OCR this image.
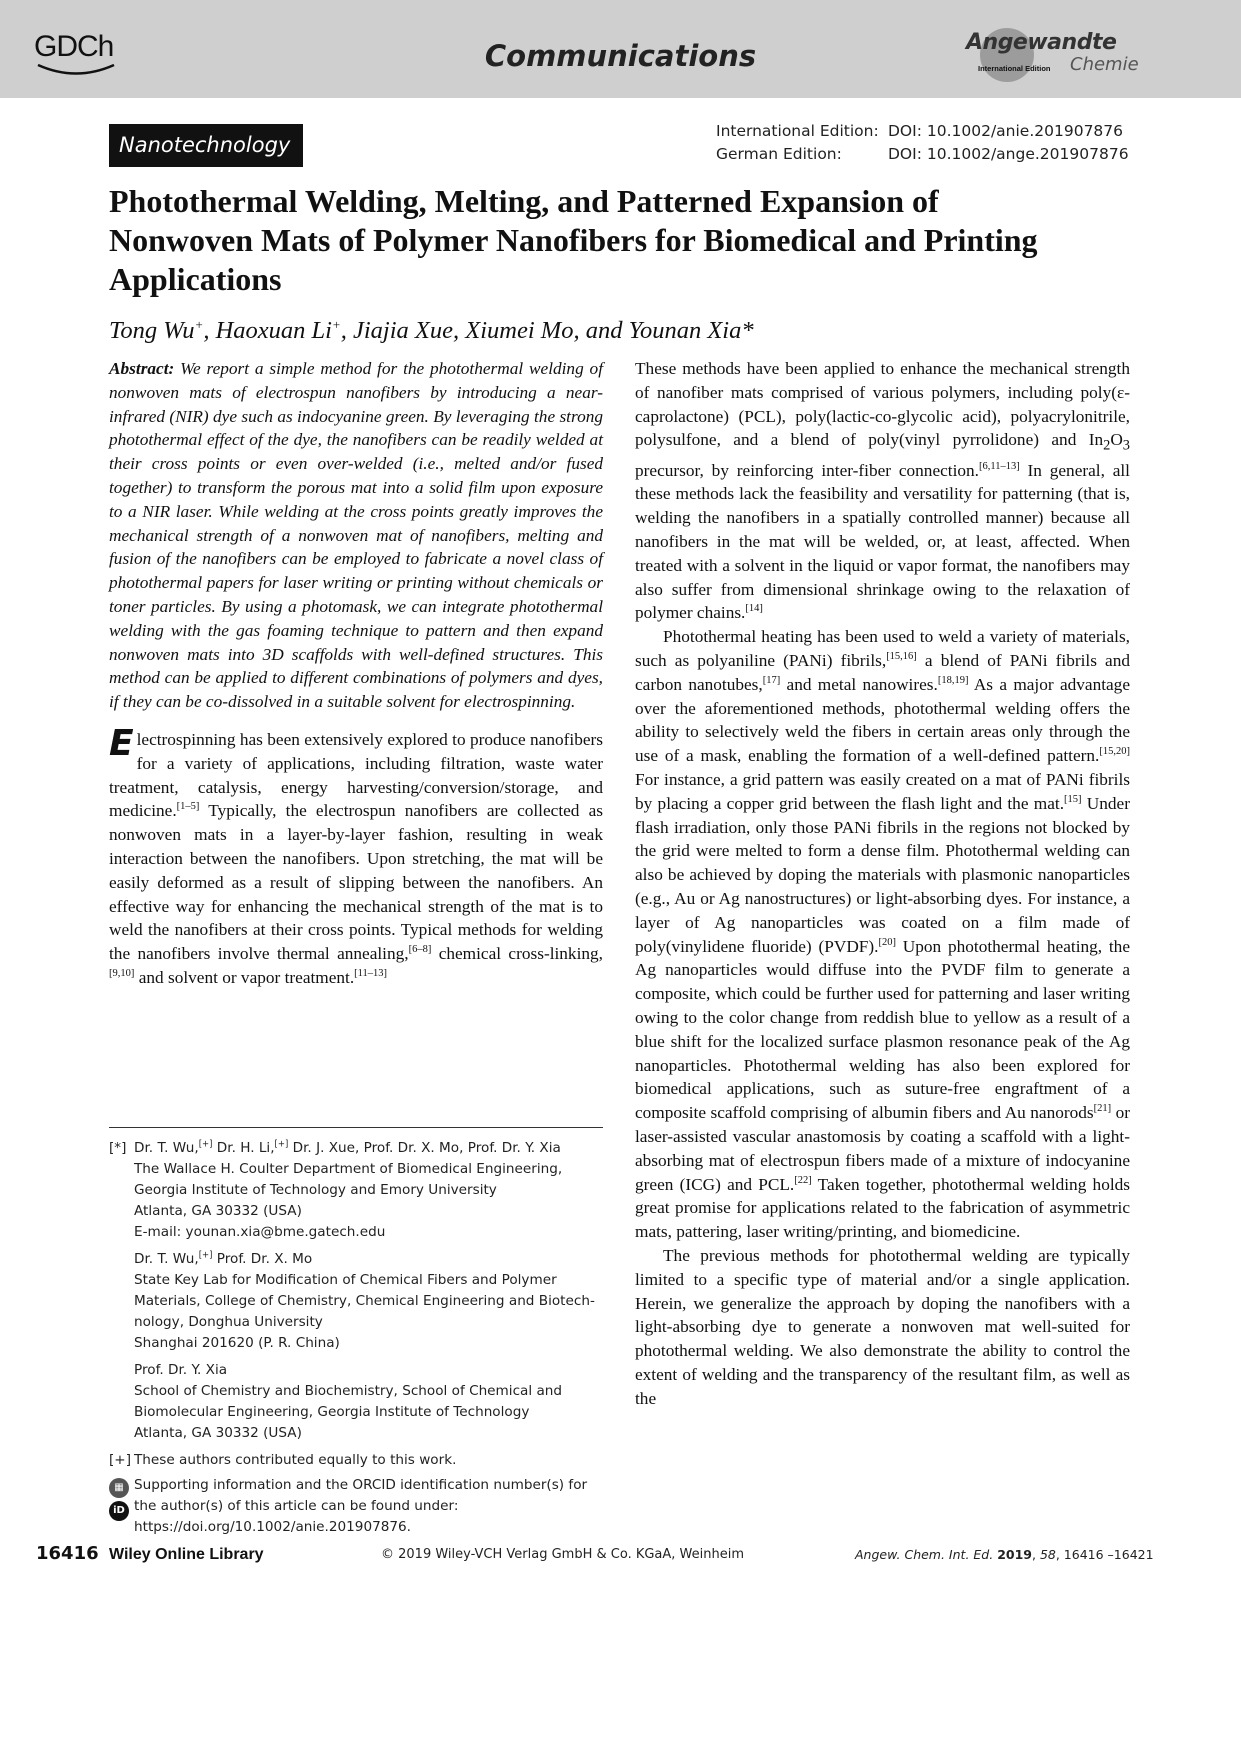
GDCh	Communications	Angewandte
International Edition Chemie
Nanotechnology
International Edition: DOI: 10.1002/anie.201907876
German Edition:	DOI: 10.1002/ange.201907876
Photothermal Welding, Melting, and Patterned Expansion of
Nonwoven Mats of Polymer Nanofibers for Biomedical and Printing
Applications
Tong Wu+, Haoxuan Li+, Jiajia Xue, Xiumei Mo, and Younan Xia*

Abstract: We report a simple method for the photothermal welding of nonwoven mats of electrospun nanofibers by introducing a near-infrared (NIR) dye such as indocyanine green. By leveraging the strong photothermal effect of the dye, the nanofibers can be readily welded at their cross points or even over-welded (i.e., melted and/or fused together) to transform the porous mat into a solid film upon exposure to a NIR laser. While welding at the cross points greatly improves the mechanical strength of a nonwoven mat of nanofibers, melting and fusion of the nanofibers can be employed to fabricate a novel class of photothermal papers for laser writing or printing without chemicals or toner particles. By using a photomask, we can integrate photothermal welding with the gas foaming technique to pattern and then expand nonwoven mats into 3D scaffolds with well-defined structures. This method can be applied to different combinations of polymers and dyes, if they can be co-dissolved in a suitable solvent for electrospinning.

Electrospinning has been extensively explored to produce nanofibers for a variety of applications, including filtration, waste water treatment, catalysis, energy harvesting/conversion/storage, and medicine.[1–5] Typically, the electrospun nanofibers are collected as nonwoven mats in a layer-by-layer fashion, resulting in weak interaction between the nanofibers. Upon stretching, the mat will be easily deformed as a result of slipping between the nanofibers. An effective way for enhancing the mechanical strength of the mat is to weld the nanofibers at their cross points. Typical methods for welding the nanofibers involve thermal annealing,[6–8] chemical cross-linking,[9,10] and solvent or vapor treatment.[11–13]

[*] Dr. T. Wu,[+] Dr. H. Li,[+] Dr. J. Xue, Prof. Dr. X. Mo, Prof. Dr. Y. Xia
The Wallace H. Coulter Department of Biomedical Engineering,
Georgia Institute of Technology and Emory University
Atlanta, GA 30332 (USA)
E-mail: younan.xia@bme.gatech.edu
Dr. T. Wu,[+] Prof. Dr. X. Mo
State Key Lab for Modification of Chemical Fibers and Polymer
Materials, College of Chemistry, Chemical Engineering and Biotech-
nology, Donghua University
Shanghai 201620 (P. R. China)
Prof. Dr. Y. Xia
School of Chemistry and Biochemistry, School of Chemical and
Biomolecular Engineering, Georgia Institute of Technology
Atlanta, GA 30332 (USA)
[+] These authors contributed equally to this work.
▦
iD
Supporting information and the ORCID identification number(s) for
the author(s) of this article can be found under:
https://doi.org/10.1002/anie.201907876.

These methods have been applied to enhance the mechanical strength of nanofiber mats comprised of various polymers, including poly(ε-caprolactone) (PCL), poly(lactic-co-glycolic acid), polyacrylonitrile, polysulfone, and a blend of poly(vinyl pyrrolidone) and $In_2O_3$ precursor, by reinforcing inter-fiber connection.[6,11–13] In general, all these methods lack the feasibility and versatility for patterning (that is, welding the nanofibers in a spatially controlled manner) because all nanofibers in the mat will be welded, or, at least, affected. When treated with a solvent in the liquid or vapor format, the nanofibers may also suffer from dimensional shrinkage owing to the relaxation of polymer chains.[14]

Photothermal heating has been used to weld a variety of materials, such as polyaniline (PANi) fibrils,[15,16] a blend of PANi fibrils and carbon nanotubes,[17] and metal nanowires.[18,19] As a major advantage over the aforementioned methods, photothermal welding offers the ability to selectively weld the fibers in certain areas only through the use of a mask, enabling the formation of a well-defined pattern.[15,20] For instance, a grid pattern was easily created on a mat of PANi fibrils by placing a copper grid between the flash light and the mat.[15] Under flash irradiation, only those PANi fibrils in the regions not blocked by the grid were melted to form a dense film. Photothermal welding can also be achieved by doping the materials with plasmonic nanoparticles (e.g., Au or Ag nanostructures) or light-absorbing dyes. For instance, a layer of Ag nanoparticles was coated on a film made of poly(vinylidene fluoride) (PVDF).[20] Upon photothermal heating, the Ag nanoparticles would diffuse into the PVDF film to generate a composite, which could be further used for patterning and laser writing owing to the color change from reddish blue to yellow as a result of a blue shift for the localized surface plasmon resonance peak of the Ag nanoparticles. Photothermal welding has also been explored for biomedical applications, such as suture-free engraftment of a composite scaffold comprising of albumin fibers and Au nanorods[21] or laser-assisted vascular anastomosis by coating a scaffold with a light-absorbing mat of electrospun fibers made of a mixture of indocyanine green (ICG) and PCL.[22] Taken together, photothermal welding holds great promise for applications related to the fabrication of asymmetric mats, pattering, laser writing/printing, and biomedicine.

The previous methods for photothermal welding are typically limited to a specific type of material and/or a single application. Herein, we generalize the approach by doping the nanofibers with a light-absorbing dye to generate a nonwoven mat well-suited for photothermal welding. We also demonstrate the ability to control the extent of welding and the transparency of the resultant film, as well as the

16416 Wiley Online Library	© 2019 Wiley-VCH Verlag GmbH & Co. KGaA, Weinheim	Angew. Chem. Int. Ed. 2019, 58, 16416 –16421
